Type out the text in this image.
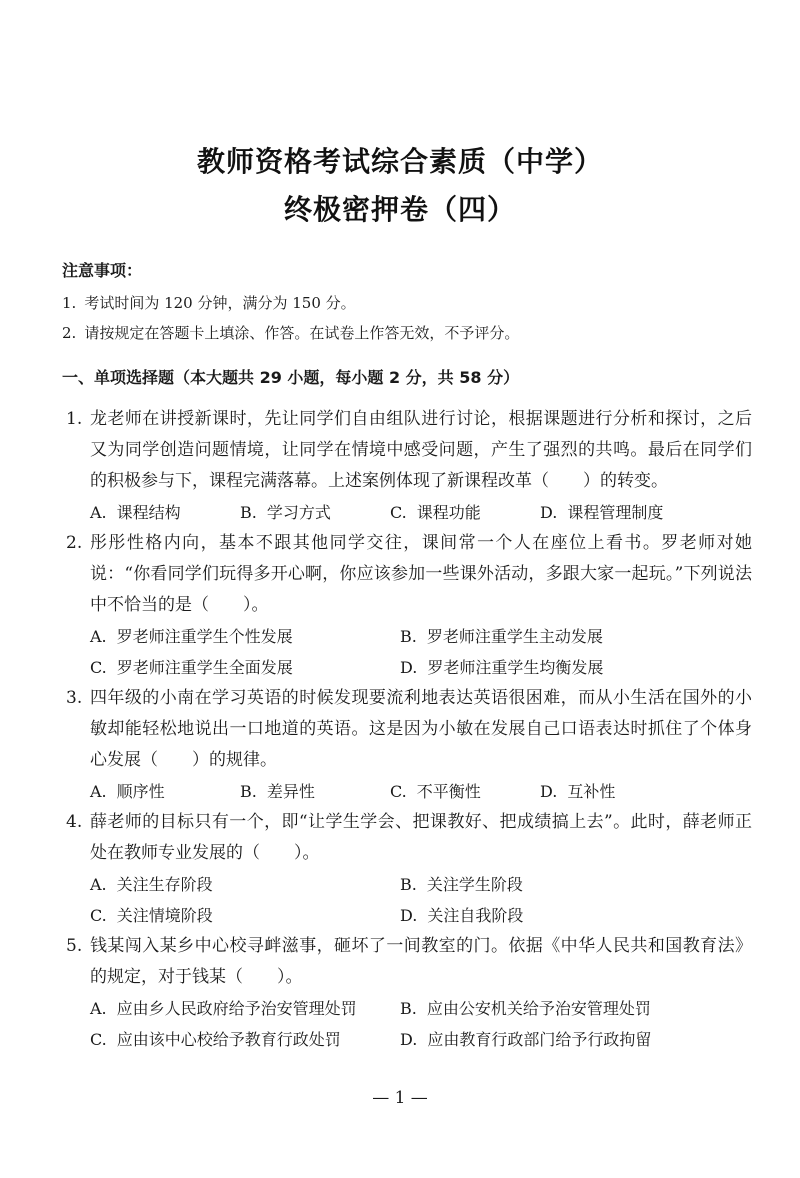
教师资格考试综合素质（中学）
终极密押卷（四）
注意事项：
1. 考试时间为 120 分钟，满分为 150 分。
2. 请按规定在答题卡上填涂、作答。在试卷上作答无效，不予评分。
一、单项选择题（本大题共 29 小题，每小题 2 分，共 58 分）
1. 龙老师在讲授新课时，先让同学们自由组队进行讨论，根据课题进行分析和探讨，之后又为同学创造问题情境，让同学在情境中感受问题，产生了强烈的共鸣。最后在同学们的积极参与下，课程完满落幕。上述案例体现了新课程改革（　　）的转变。
A. 课程结构	B. 学习方式	C. 课程功能	D. 课程管理制度
2. 彤彤性格内向，基本不跟其他同学交往，课间常一个人在座位上看书。罗老师对她说：“你看同学们玩得多开心啊，你应该参加一些课外活动，多跟大家一起玩。”下列说法中不恰当的是（　　）。
A. 罗老师注重学生个性发展	B. 罗老师注重学生主动发展
C. 罗老师注重学生全面发展	D. 罗老师注重学生均衡发展
3. 四年级的小南在学习英语的时候发现要流利地表达英语很困难，而从小生活在国外的小敏却能轻松地说出一口地道的英语。这是因为小敏在发展自己口语表达时抓住了个体身心发展（　　）的规律。
A. 顺序性	B. 差异性	C. 不平衡性	D. 互补性
4. 薛老师的目标只有一个，即“让学生学会、把课教好、把成绩搞上去”。此时，薛老师正处在教师专业发展的（　　）。
A. 关注生存阶段	B. 关注学生阶段
C. 关注情境阶段	D. 关注自我阶段
5. 钱某闯入某乡中心校寻衅滋事，砸坏了一间教室的门。依据《中华人民共和国教育法》的规定，对于钱某（　　）。
A. 应由乡人民政府给予治安管理处罚	B. 应由公安机关给予治安管理处罚
C. 应由该中心校给予教育行政处罚	D. 应由教育行政部门给予行政拘留
— 1 —
